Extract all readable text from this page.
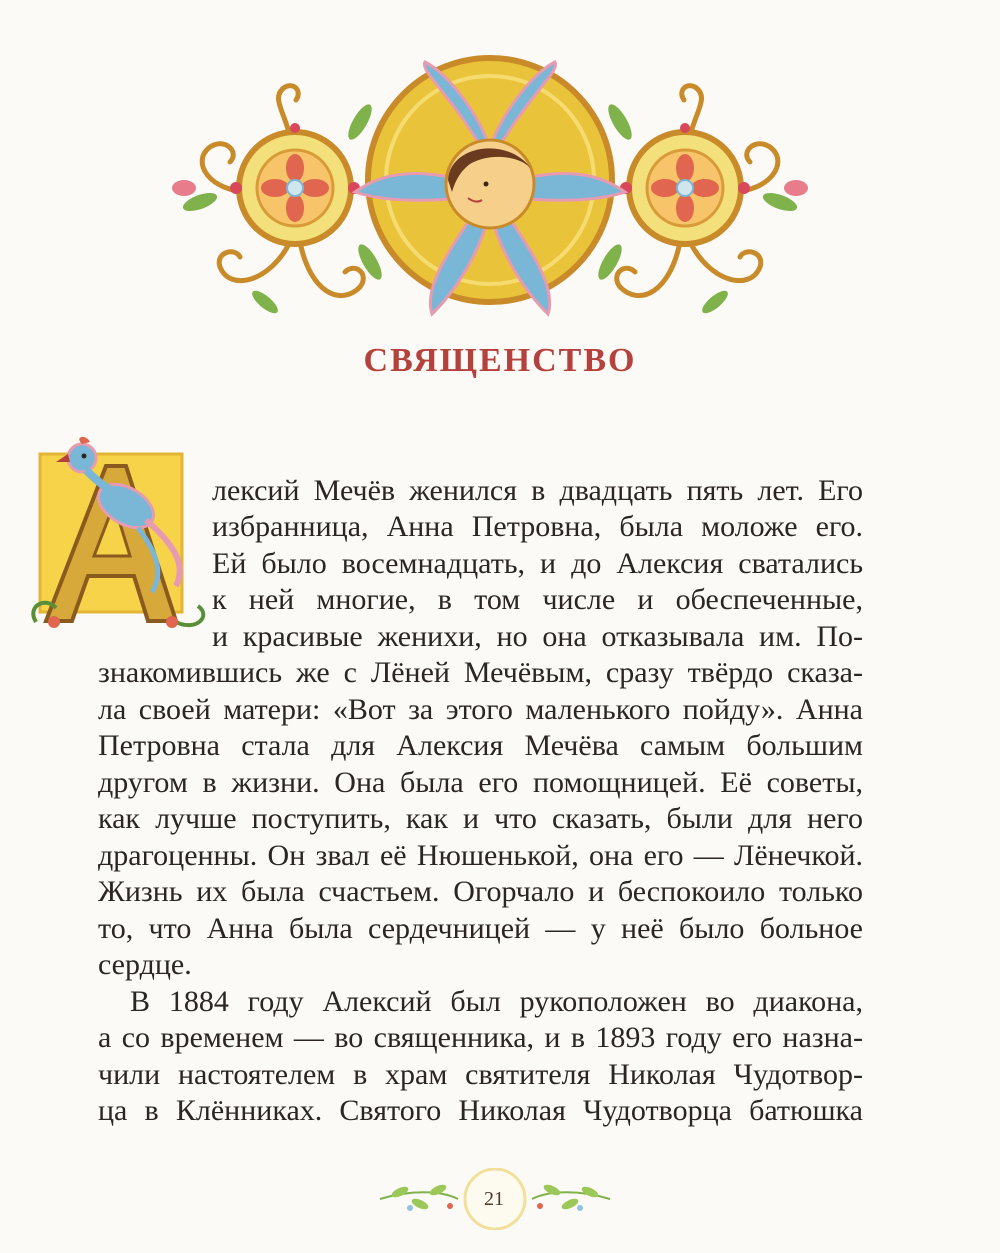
СВЯЩЕНСТВО
лексий Мечёв женился в двадцать пять лет. Его
избранница, Анна Петровна, была моложе его.
Ей было восемнадцать, и до Алексия сватались
к ней многие, в том числе и обеспеченные,
и красивые женихи, но она отказывала им. По-
знакомившись же с Лёней Мечёвым, сразу твёрдо сказа-
ла своей матери: «Вот за этого маленького пойду». Анна
Петровна стала для Алексия Мечёва самым большим
другом в жизни. Она была его помощницей. Её советы,
как лучше поступить, как и что сказать, были для него
драгоценны. Он звал её Нюшенькой, она его — Лёнечкой.
Жизнь их была счастьем. Огорчало и беспокоило только
то, что Анна была сердечницей — у неё было больное
сердце.
В 1884 году Алексий был рукоположен во диакона,
а со временем — во священника, и в 1893 году его назна-
чили настоятелем в храм святителя Николая Чудотвор-
ца в Клённиках. Святого Николая Чудотворца батюшка
21
